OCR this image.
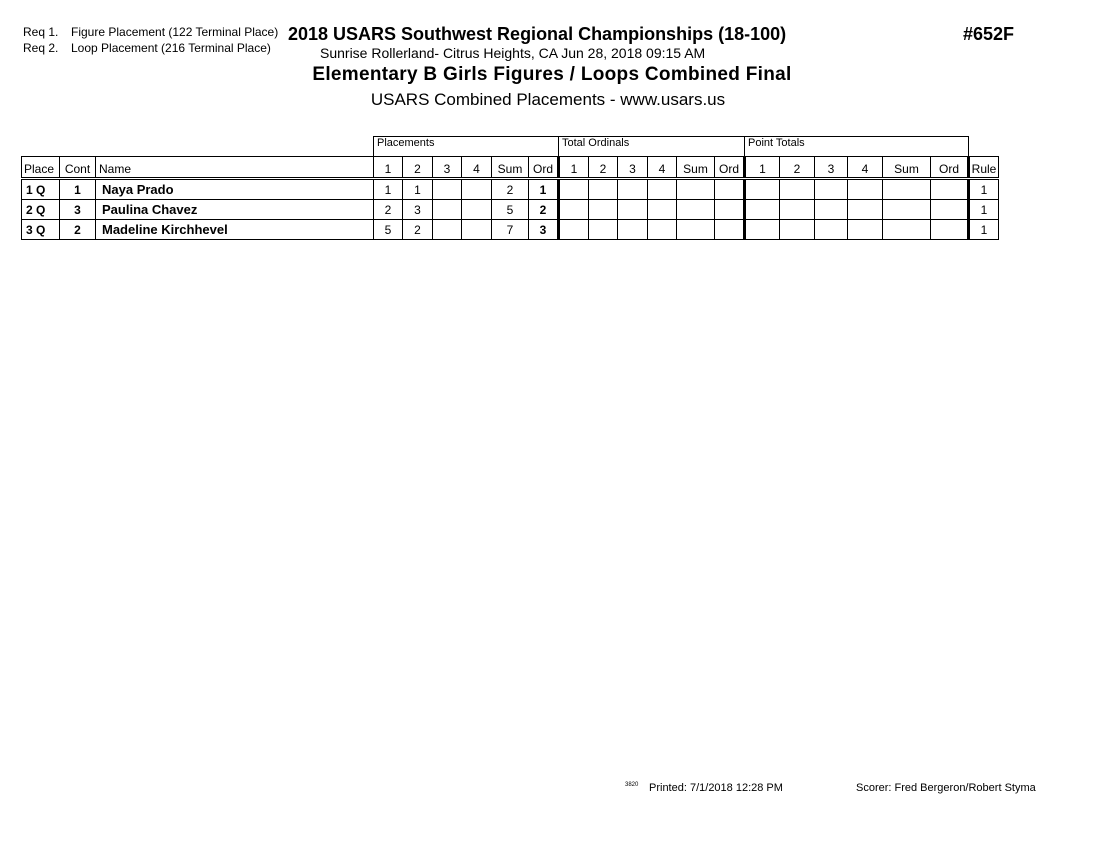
Req 1. Figure Placement (122 Terminal Place)
Req 2. Loop Placement (216 Terminal Place)
2018 USARS Southwest Regional Championships (18-100)	#652F
Sunrise Rollerland- Citrus Heights, CA Jun 28, 2018 09:15 AM
Elementary B Girls Figures / Loops Combined Final
USARS Combined Placements - www.usars.us
			Placements						Total Ordinals						Point Totals						
Place	Cont	Name	1	2	3	4	Sum	Ord	1	2	3	4	Sum	Ord	1	2	3	4	Sum	Ord	Rule
1 Q	1	Naya Prado	1	1			2	1													1
2 Q	3	Paulina Chavez	2	3			5	2													1
3 Q	2	Madeline Kirchhevel	5	2			7	3													1
3820 Printed: 7/1/2018 12:28 PM	Scorer: Fred Bergeron/Robert Styma
